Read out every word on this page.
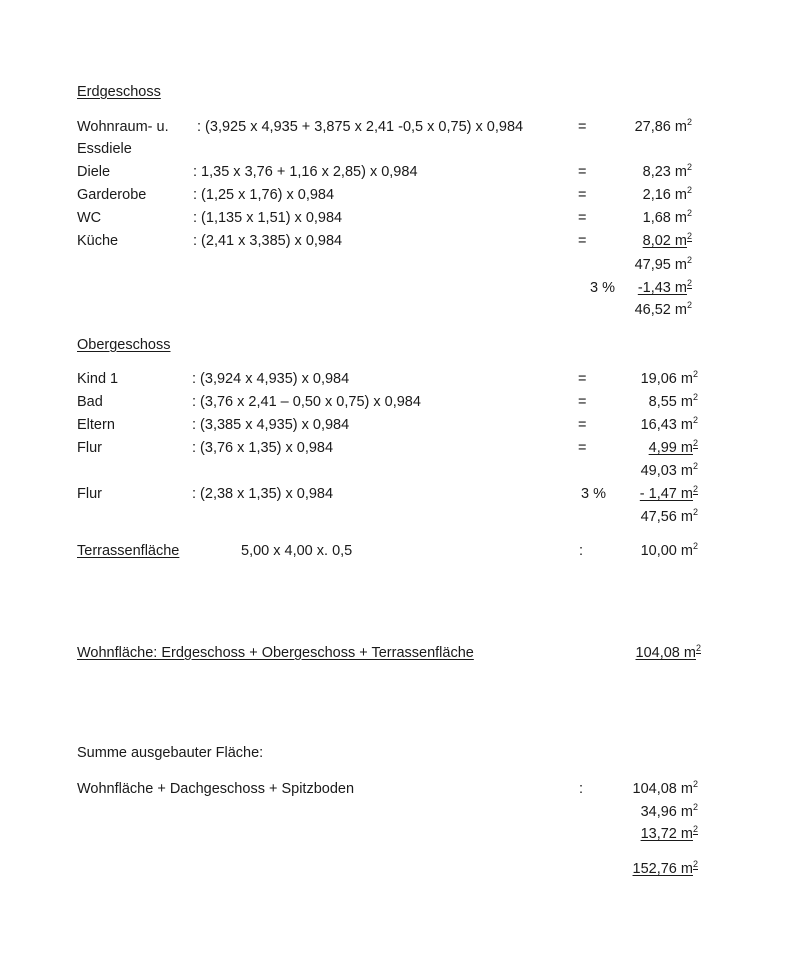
Erdgeschoss
Wohnraum- u. : (3,925 x 4,935 + 3,875 x 2,41 -0,5 x 0,75) x 0,984	=	27,86 $m^2$
Essdiele
Diele	: 1,35 x 3,76 + 1,16 x 2,85) x 0,984	=	8,23 $m^2$
Garderobe	: (1,25 x 1,76) x 0,984	=	2,16 $m^2$
WC	: (1,135 x 1,51) x 0,984	=	1,68 $m^2$
Küche	: (2,41 x 3,385) x 0,984	=	8,02 $m^2$
47,95 $m^2$
3 %	-1,43 $m^2$
46,52 $m^2$
Obergeschoss
Kind 1	: (3,924 x 4,935) x 0,984	=	19,06 $m^2$
Bad	: (3,76 x 2,41 – 0,50 x 0,75) x 0,984	=	8,55 $m^2$
Eltern	: (3,385 x 4,935) x 0,984	=	16,43 $m^2$
Flur	: (3,76 x 1,35) x 0,984	=	4,99 $m^2$
49,03 $m^2$
Flur	: (2,38 x 1,35) x 0,984	3 %	- 1,47 $m^2$
47,56 $m^2$
Terrassenfläche	5,00 x 4,00 x. 0,5	:	10,00 $m^2$
Wohnfläche: Erdgeschoss + Obergeschoss + Terrassenfläche	104,08 $m^2$
Summe ausgebauter Fläche:
Wohnfläche + Dachgeschoss + Spitzboden	:	104,08 $m^2$
34,96 $m^2$
13,72 $m^2$
152,76 $m^2$
